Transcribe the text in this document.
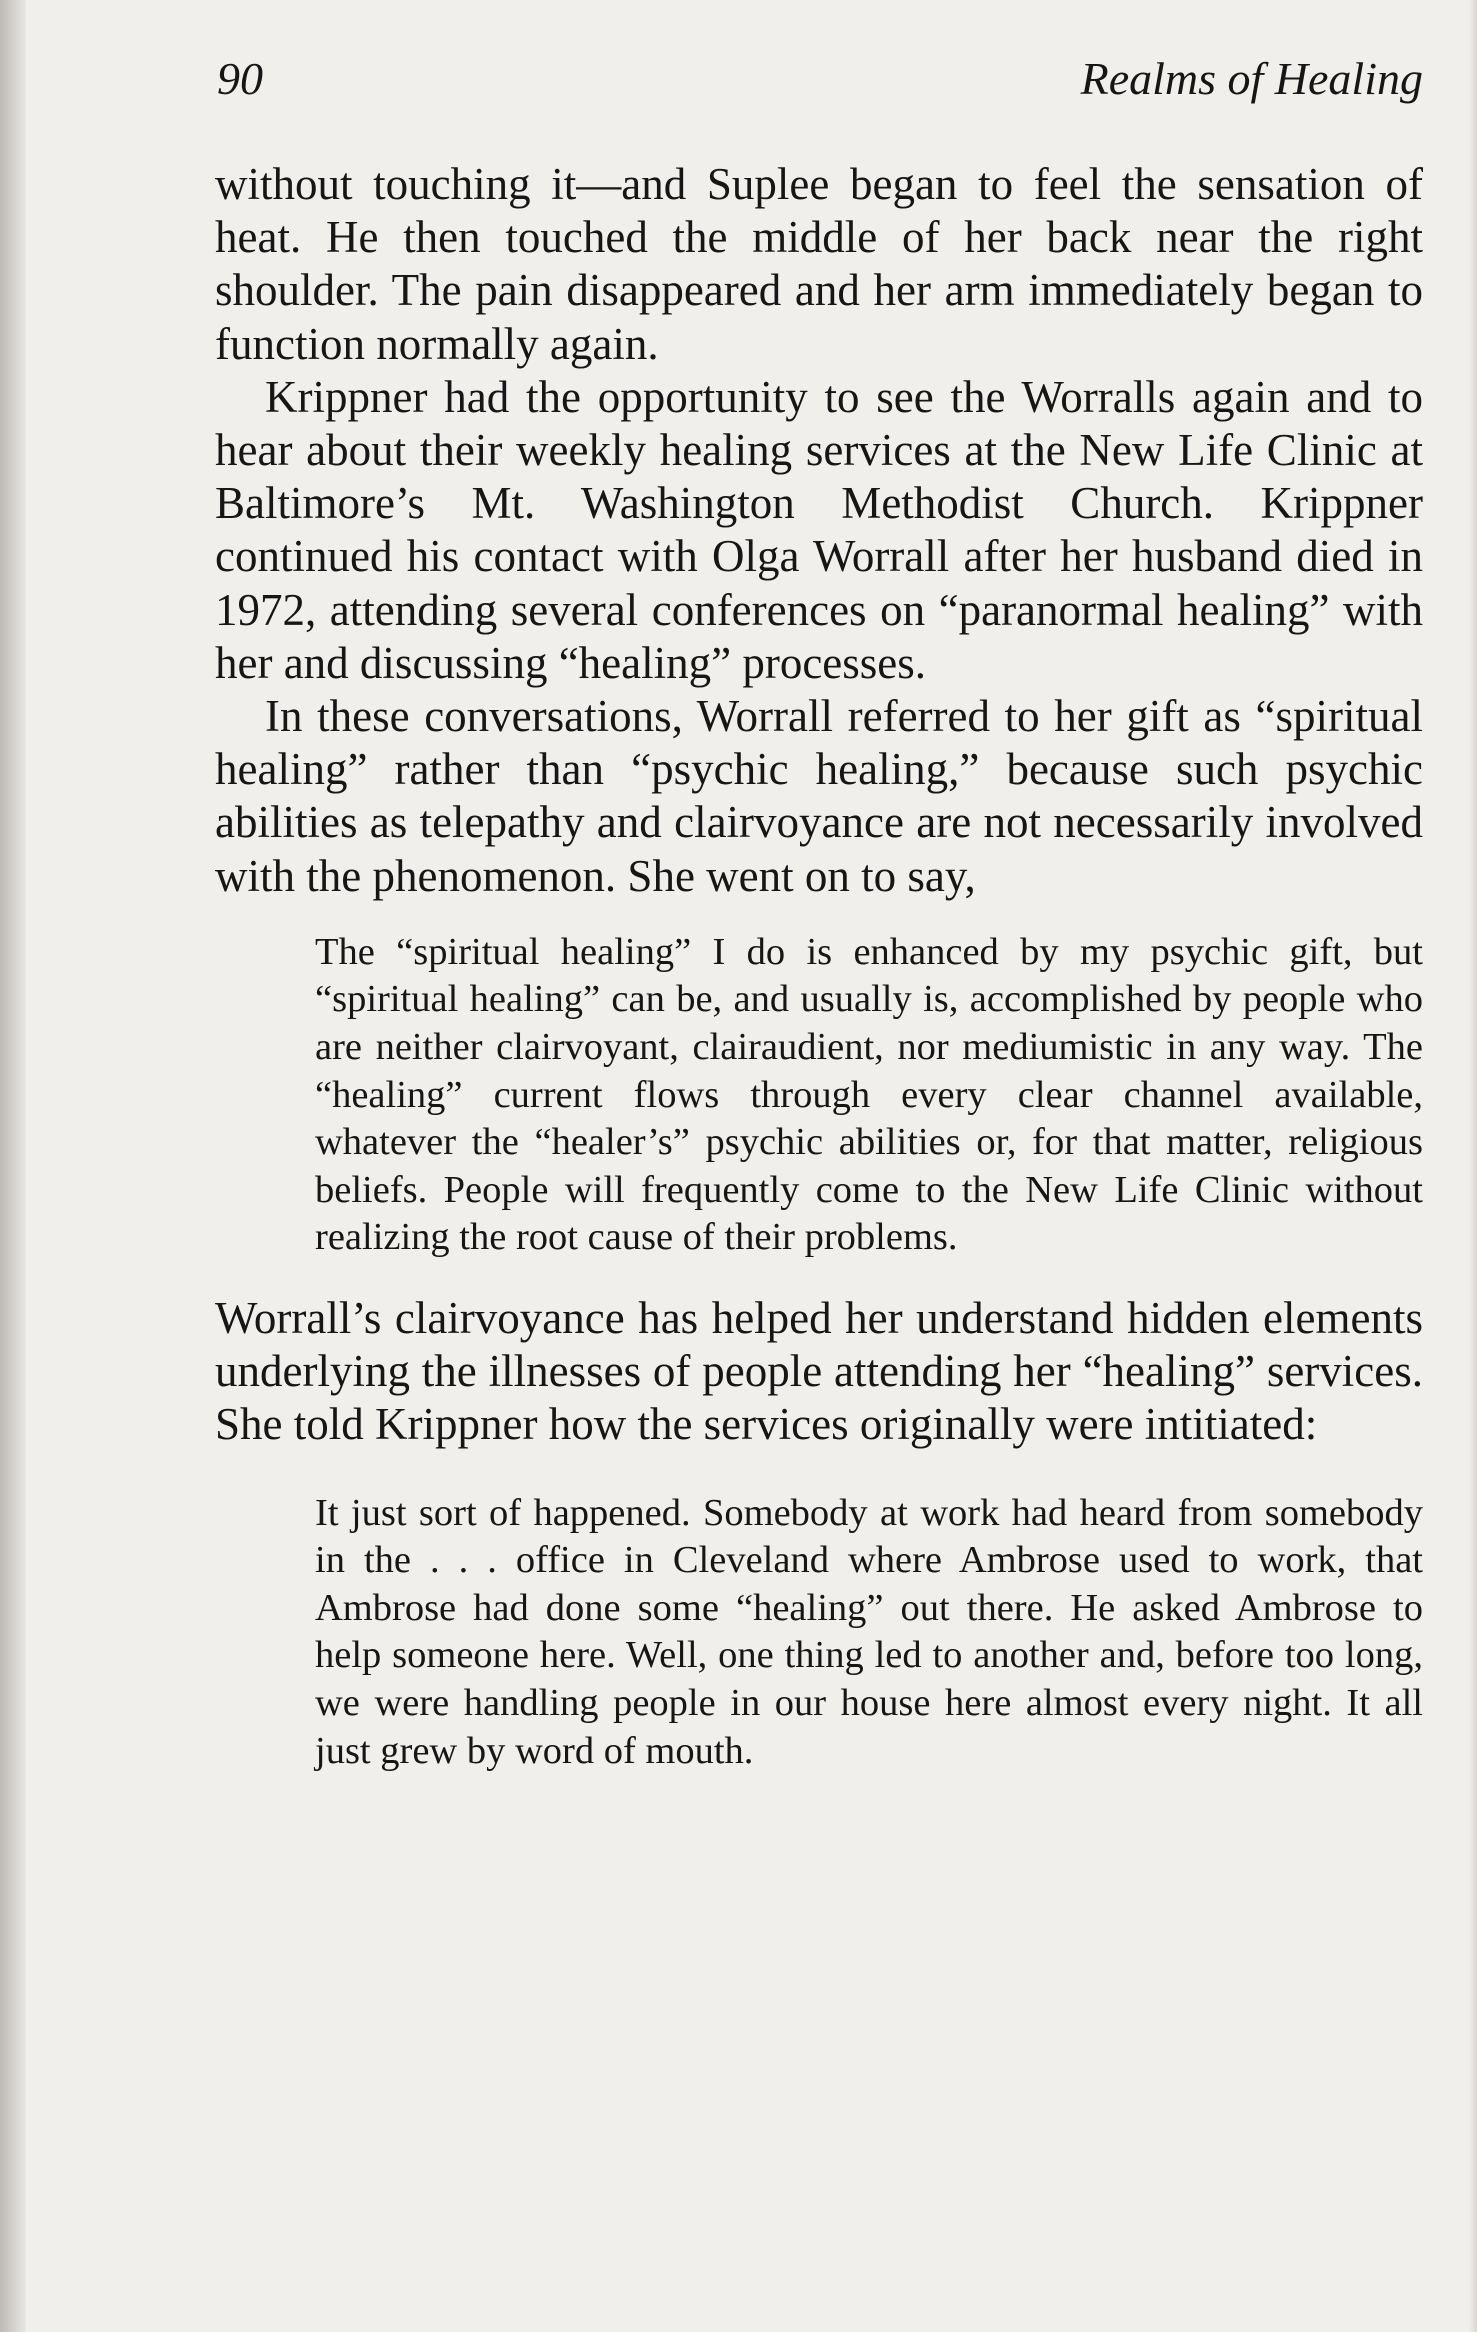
90	Realms of Healing

without touching it—and Suplee began to feel the sensation of heat. He then touched the middle of her back near the right shoulder. The pain disappeared and her arm immediately began to function normally again.

Krippner had the opportunity to see the Worralls again and to hear about their weekly healing services at the New Life Clinic at Baltimore’s Mt. Washington Methodist Church. Krippner continued his contact with Olga Worrall after her husband died in 1972, attending several conferences on “paranormal healing” with her and discussing “healing” processes.

In these conversations, Worrall referred to her gift as “spiritual healing” rather than “psychic healing,” because such psychic abilities as telepathy and clairvoyance are not necessarily involved with the phenomenon. She went on to say,

The “spiritual healing” I do is enhanced by my psychic gift, but “spiritual healing” can be, and usually is, accomplished by people who are neither clairvoyant, clairaudient, nor mediumistic in any way. The “healing” current flows through every clear channel available, whatever the “healer’s” psychic abilities or, for that matter, religious beliefs. People will frequently come to the New Life Clinic without realizing the root cause of their problems.

Worrall’s clairvoyance has helped her understand hidden elements underlying the illnesses of people attending her “healing” services. She told Krippner how the services originally were intitiated:

It just sort of happened. Somebody at work had heard from somebody in the . . . office in Cleveland where Ambrose used to work, that Ambrose had done some “healing” out there. He asked Ambrose to help someone here. Well, one thing led to another and, before too long, we were handling people in our house here almost every night. It all just grew by word of mouth.
